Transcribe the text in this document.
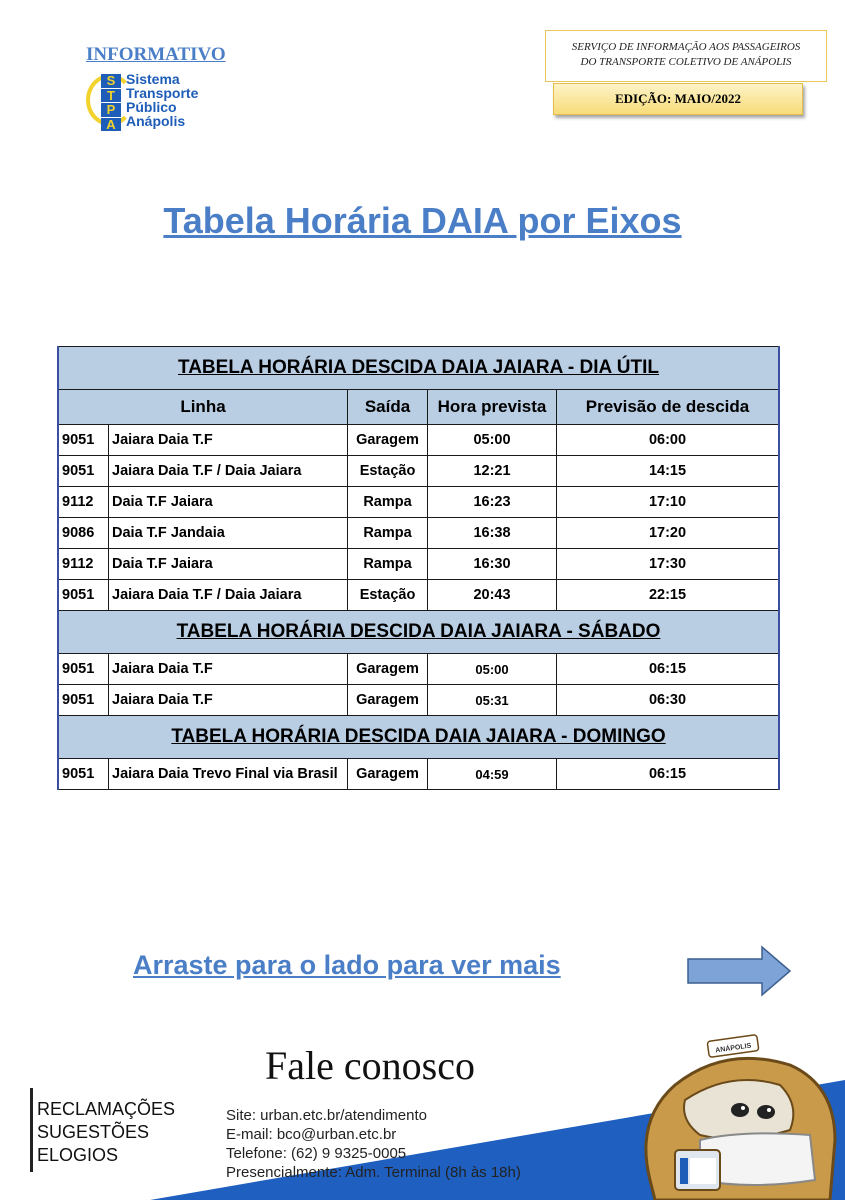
INFORMATIVO
S
T
P
A
Sistema
Transporte
Público
Anápolis
SERVIÇO DE INFORMAÇÃO AOS PASSAGEIROS
DO TRANSPORTE COLETIVO DE ANÁPOLIS
EDIÇÃO: MAIO/2022
Tabela Horária DAIA por Eixos
TABELA HORÁRIA DESCIDA DAIA JAIARA - DIA ÚTIL				
Linha		Saída	Hora prevista	Previsão de descida
9051	Jaiara Daia T.F	Garagem	05:00	06:00
9051	Jaiara Daia T.F / Daia Jaiara	Estação	12:21	14:15
9112	Daia T.F Jaiara	Rampa	16:23	17:10
9086	Daia T.F Jandaia	Rampa	16:38	17:20
9112	Daia T.F Jaiara	Rampa	16:30	17:30
9051	Jaiara Daia T.F / Daia Jaiara	Estação	20:43	22:15
TABELA HORÁRIA DESCIDA DAIA JAIARA - SÁBADO				
9051	Jaiara Daia T.F	Garagem	05:00	06:15
9051	Jaiara Daia T.F	Garagem	05:31	06:30
TABELA HORÁRIA DESCIDA DAIA JAIARA - DOMINGO				
9051	Jaiara Daia Trevo Final via Brasil	Garagem	04:59	06:15
Arraste para o lado para ver mais
Fale conosco
RECLAMAÇÕES
SUGESTÕES
ELOGIOS
Site: urban.etc.br/atendimento
E-mail: bco@urban.etc.br
Telefone: (62) 9 9325-0005
Presencialmente: Adm. Terminal (8h às 18h)
ANÁPOLIS
